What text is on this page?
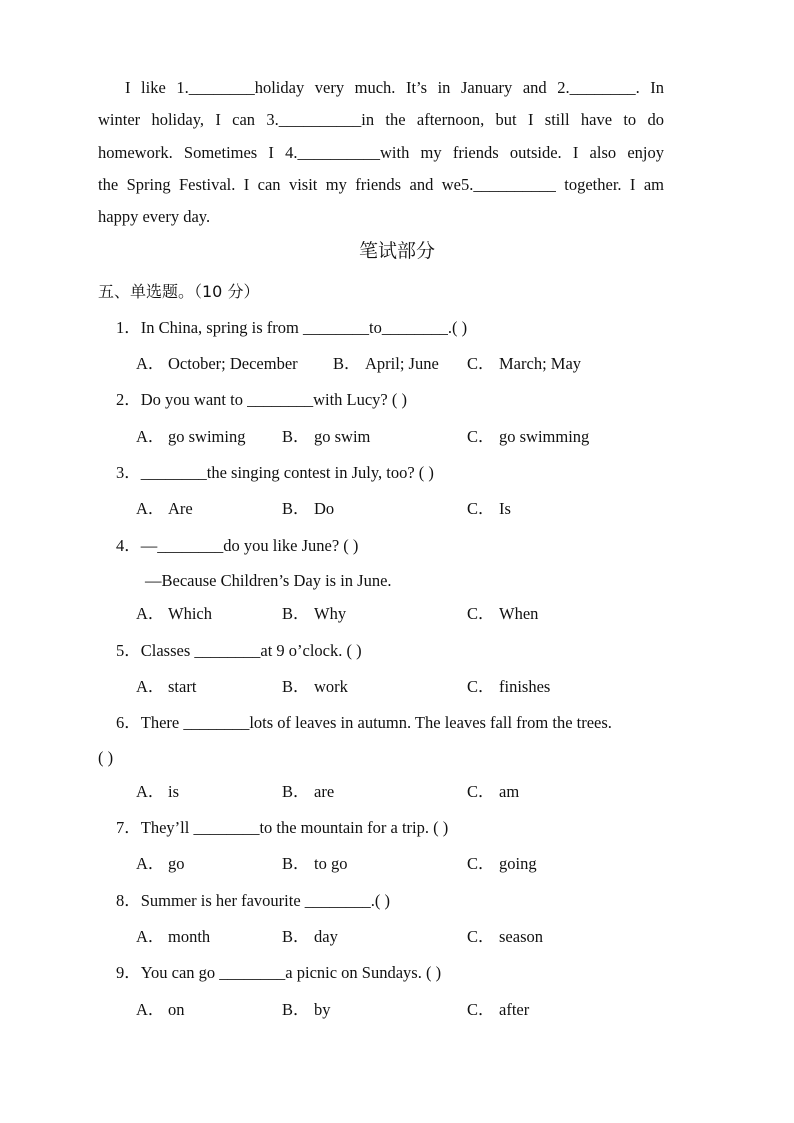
I like 1.________holiday very much. It’s in January and 2.________. In
winter holiday, I can 3.__________in the afternoon, but I still have to do
homework. Sometimes I 4.__________with my friends outside. I also enjoy
the Spring Festival. I can visit my friends and we5.__________ together. I am
happy every day.
笔试部分
五、单选题。（10 分）
1．In China, spring is from ________to________.( )
A． October; December B． April; June C． March; May
2．Do you want to ________with Lucy? ( )
A． go swiming B． go swim	C． go swimming
3．________the singing contest in July, too? ( )
A． Are	B． Do	C． Is
4．—________do you like June? ( )
—Because Children’s Day is in June.
A． Which	B． Why	C． When
5．Classes ________at 9 o’clock. ( )
A． start	B． work	C． finishes
6．There ________lots of leaves in autumn. The leaves fall from the trees.
( )
A． is	B． are	C． am
7．They’ll ________to the mountain for a trip. ( )
A． go	B． to go	C． going
8．Summer is her favourite ________.( )
A． month	B． day	C． season
9．You can go ________a picnic on Sundays. ( )
A． on	B． by	C． after
